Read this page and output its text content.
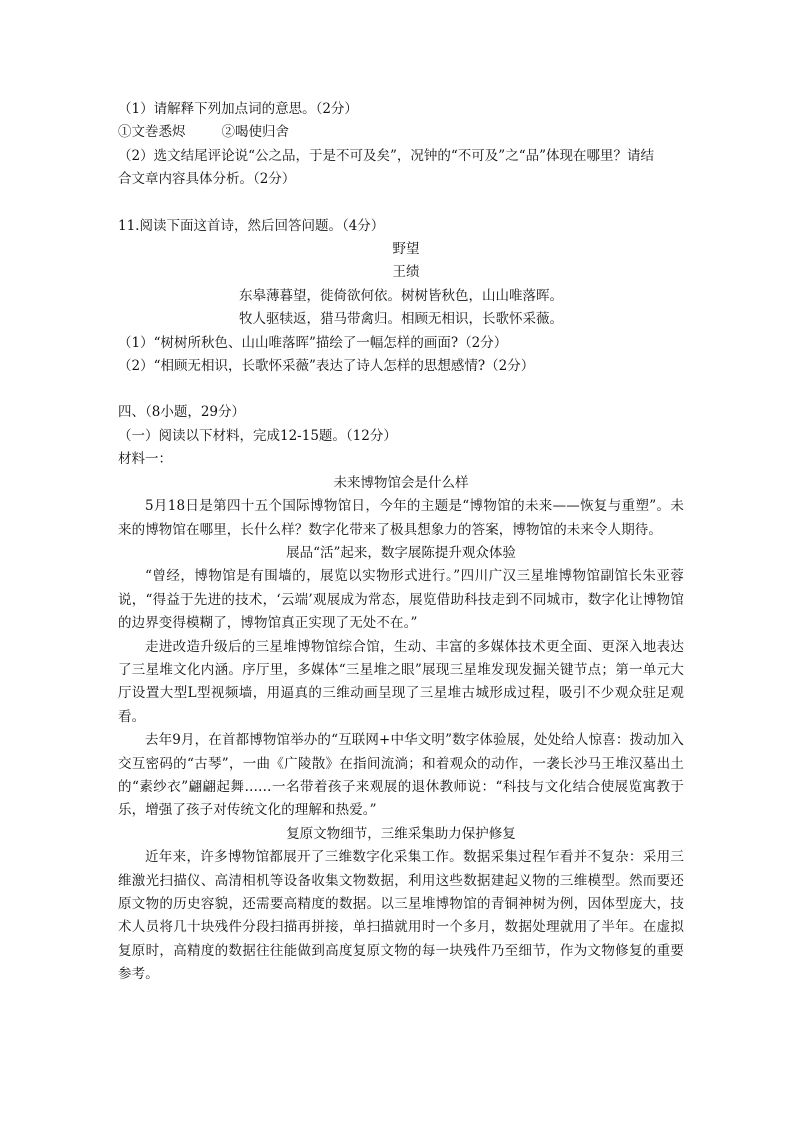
（1）请解释下列加点词的意思。（2分）
①文巻悉烬	②喝使归舍
（2）选文结尾评论说“公之品，于是不可及矣”，况钟的“不可及”之“品”体现在哪里？请结
合文章内容具体分析。（2分）
11.阅读下面这首诗，然后回答问题。（4分）
野望
王绩
东皋薄暮望，徙倚欲何依。树树皆秋色，山山唯落晖。
牧人驱犊返，猎马带禽归。相顾无相识，长歌怀采薇。
（1）“树树所秋色、山山唯落晖”描绘了一幅怎样的画面?（2分）
（2）“相顾无相识，长歌怀采薇”表达了诗人怎样的思想感情?（2分）
四、（8小题，29分）
（一）阅读以下材料，完成12-15题。（12分）
材料一：
未来博物馆会是什么样
5月18日是第四十五个国际博物馆日，今年的主题是“博物馆的未来——恢复与重塑”。未来的博物馆在哪里，长什么样？数字化带来了极具想象力的答案，博物馆的未来令人期待。
展品“活”起来，数字展陈提升观众体验
“曾经，博物馆是有围墙的，展览以实物形式进行。”四川广汉三星堆博物馆副馆长朱亚蓉说，“得益于先进的技术，‘云端’观展成为常态，展览借助科技走到不同城市，数字化让博物馆的边界变得模糊了，博物馆真正实现了无处不在。”
走进改造升级后的三星堆博物馆综合馆，生动、丰富的多媒体技术更全面、更深入地表达了三星堆文化内涵。序厅里，多媒体“三星堆之眼”展现三星堆发现发掘关键节点；第一单元大厅设置大型L型视频墙，用逼真的三维动画呈现了三星堆古城形成过程，吸引不少观众驻足观看。
去年9月，在首都博物馆举办的“互联网+中华文明”数字体验展，处处给人惊喜：拨动加入交互密码的“古琴”，一曲《广陵散》在指间流淌；和着观众的动作，一袭长沙马王堆汉墓出土的“素纱衣”翩翩起舞……一名带着孩子来观展的退休教师说：“科技与文化结合使展览寓教于乐，增强了孩子对传统文化的理解和热爱。”
复原文物细节，三维采集助力保护修复
近年来，许多博物馆都展开了三维数字化采集工作。数据采集过程乍看并不复杂：采用三维激光扫描仪、高清相机等设备收集文物数据，利用这些数据建起义物的三维模型。然而要还原文物的历史容貌，还需要高精度的数据。以三星堆博物馆的青铜神树为例，因体型庞大，技术人员将几十块残件分段扫描再拼接，单扫描就用时一个多月，数据处理就用了半年。在虚拟复原时，高精度的数据往往能做到高度复原文物的每一块残件乃至细节，作为文物修复的重要参考。
